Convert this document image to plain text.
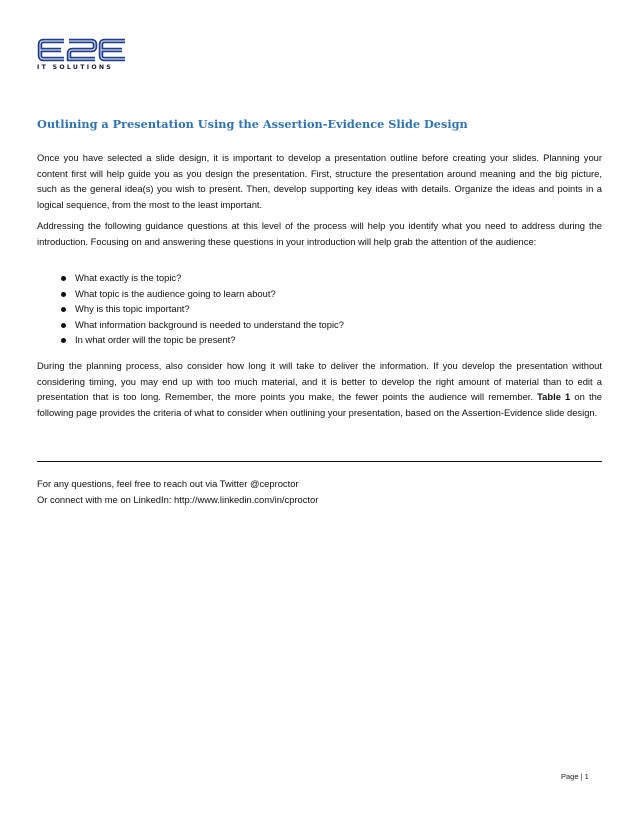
IT SOLUTIONS
Outlining a Presentation Using the Assertion-Evidence Slide Design

Once you have selected a slide design, it is important to develop a presentation outline before creating your slides. Planning your content first will help guide you as you design the presentation. First, structure the presentation around meaning and the big picture, such as the general idea(s) you wish to present. Then, develop supporting key ideas with details. Organize the ideas and points in a logical sequence, from the most to the least important.

Addressing the following guidance questions at this level of the process will help you identify what you need to address during the introduction. Focusing on and answering these questions in your introduction will help grab the attention of the audience:

What exactly is the topic?
What topic is the audience going to learn about?
Why is this topic important?
What information background is needed to understand the topic?
In what order will the topic be present?

During the planning process, also consider how long it will take to deliver the information. If you develop the presentation without considering timing, you may end up with too much material, and it is better to develop the right amount of material than to edit a presentation that is too long. Remember, the more points you make, the fewer points the audience will remember. Table 1 on the following page provides the criteria of what to consider when outlining your presentation, based on the Assertion-Evidence slide design.

For any questions, feel free to reach out via Twitter @ceproctor
Or connect with me on LinkedIn: http://www.linkedin.com/in/cproctor
Page | 1
